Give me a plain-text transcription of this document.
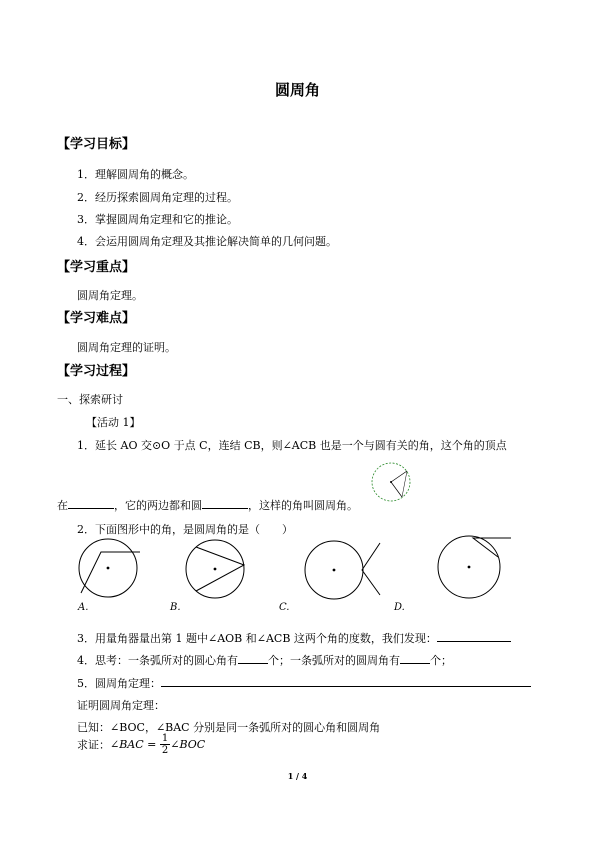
圆周角
【学习目标】
1．理解圆周角的概念。
2．经历探索圆周角定理的过程。
3．掌握圆周角定理和它的推论。
4．会运用圆周角定理及其推论解决简单的几何问题。
【学习重点】
圆周角定理。
【学习难点】
圆周角定理的证明。
【学习过程】
一、探索研讨
【活动 1】
1．延长 AO 交⊙O 于点 C，连结 CB，则∠ACB 也是一个与圆有关的角，这个角的顶点
在	，它的两边都和圆	，这样的角叫圆周角。
2．下面图形中的角，是圆周角的是（　　）
A.	B.	C.	D.
3．用量角器量出第 1 题中∠AOB 和∠ACB 这两个角的度数，我们发现：
4．思考：一条弧所对的圆心角有	个；一条弧所对的圆周角有	个；
5．圆周角定理：
证明圆周角定理：
已知：∠BOC，∠BAC 分别是同一条弧所对的圆心角和圆周角
求证：∠BAC = $\frac{1}{2}$ ∠BOC
1 / 4
